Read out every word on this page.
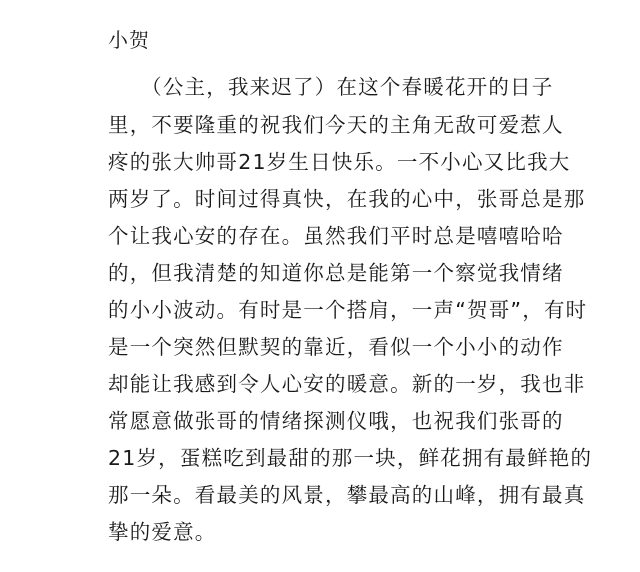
小贺
　　（公主，我来迟了）在这个春暖花开的日子
里，不要隆重的祝我们今天的主角无敌可爱惹人
疼的张大帅哥21岁生日快乐。一不小心又比我大
两岁了。时间过得真快，在我的心中，张哥总是那
个让我心安的存在。虽然我们平时总是嘻嘻哈哈
的，但我清楚的知道你总是能第一个察觉我情绪
的小小波动。有时是一个搭肩，一声“贺哥”，有时
是一个突然但默契的靠近，看似一个小小的动作
却能让我感到令人心安的暖意。新的一岁，我也非
常愿意做张哥的情绪探测仪哦，也祝我们张哥的
21岁，蛋糕吃到最甜的那一块，鲜花拥有最鲜艳的
那一朵。看最美的风景，攀最高的山峰，拥有最真
挚的爱意。
